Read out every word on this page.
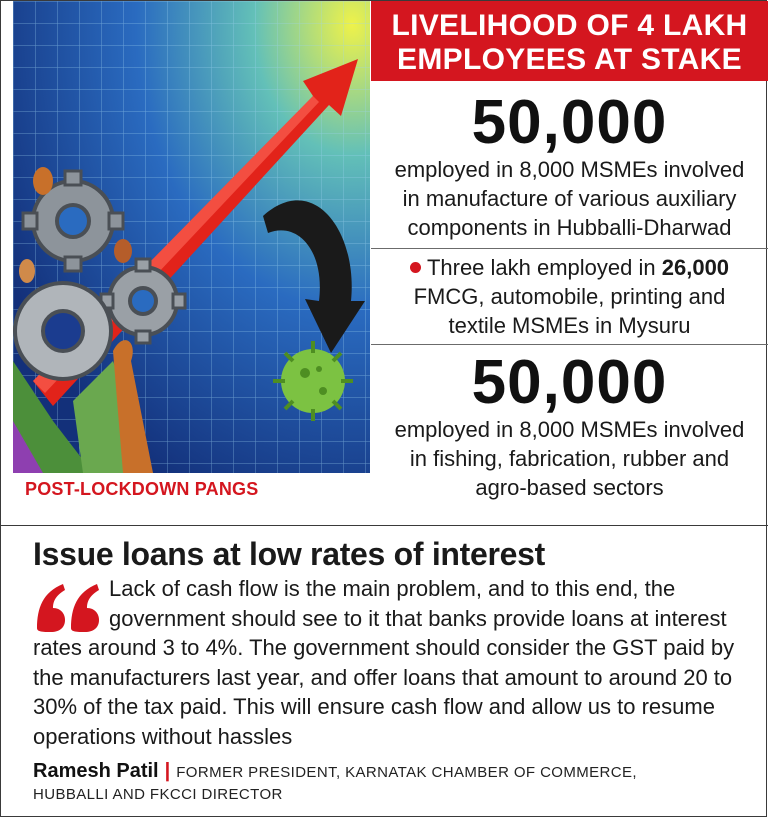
POST-LOCKDOWN PANGS
LIVELIHOOD OF 4 LAKH
EMPLOYEES AT STAKE
50,000
employed in 8,000 MSMEs involved
in manufacture of various auxiliary
components in Hubballi-Dharwad
Three lakh employed in 26,000
FMCG, automobile, printing and
textile MSMEs in Mysuru
50,000
employed in 8,000 MSMEs involved
in fishing, fabrication, rubber and
agro-based sectors
Issue loans at low rates of interest
Lack of cash flow is the main problem, and to this end, the government should see to it that banks provide loans at interest rates around 3 to 4%. The government should consider the GST paid by the manufacturers last year, and offer loans that amount to around 20 to 30% of the tax paid. This will ensure cash flow and allow us to resume operations without hassles
Ramesh Patil | FORMER PRESIDENT, KARNATAK CHAMBER OF COMMERCE,
HUBBALLI AND FKCCI DIRECTOR
